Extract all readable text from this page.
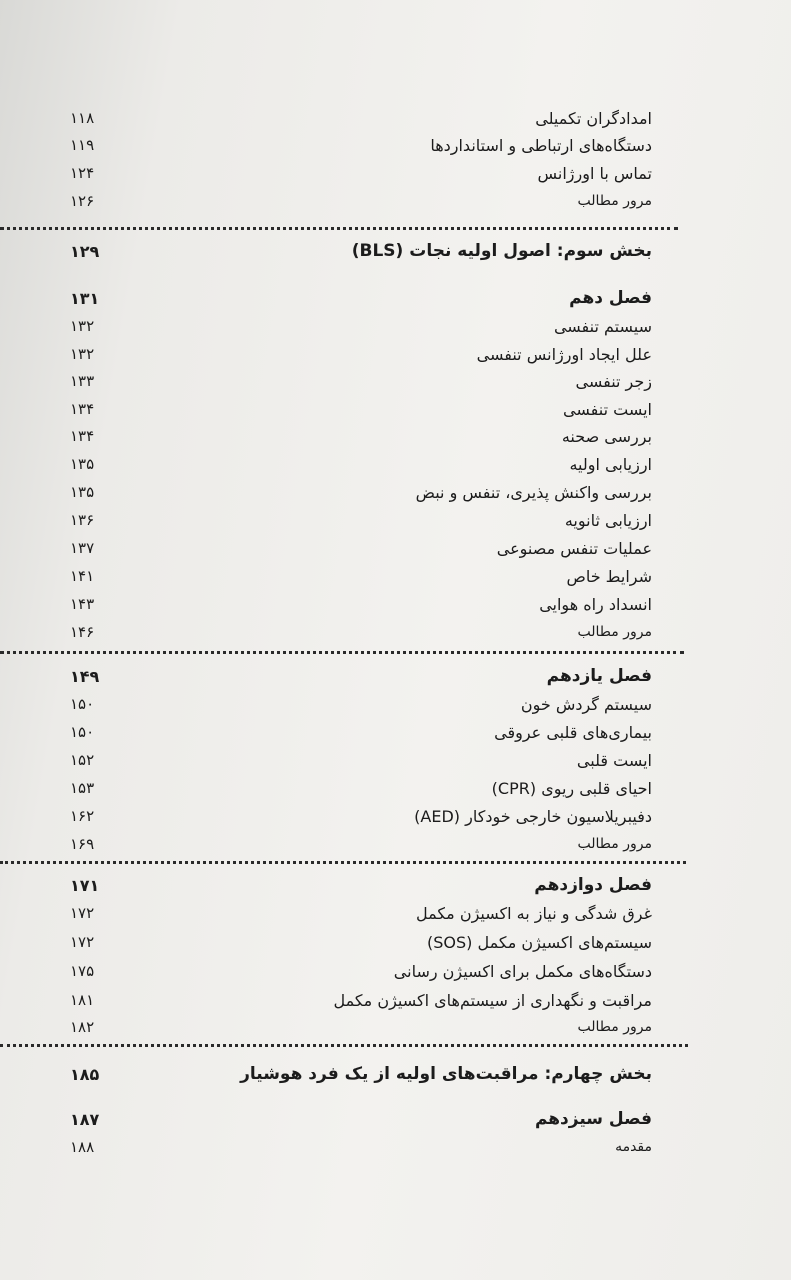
امدادگران تکمیلی
۱۱۸
دستگاه‌های ارتباطی و استانداردها
۱۱۹
تماس با اورژانس
۱۲۴
مرور مطالب
۱۲۶
بخش سوم: اصول اولیه نجات (BLS)
۱۲۹
فصل دهم
۱۳۱
سیستم تنفسی
۱۳۲
علل ایجاد اورژانس تنفسی
۱۳۲
زجر تنفسی
۱۳۳
ایست تنفسی
۱۳۴
بررسی صحنه
۱۳۴
ارزیابی اولیه
۱۳۵
بررسی واکنش پذیری، تنفس و نبض
۱۳۵
ارزیابی ثانویه
۱۳۶
عملیات تنفس مصنوعی
۱۳۷
شرایط خاص
۱۴۱
انسداد راه هوایی
۱۴۳
مرور مطالب
۱۴۶
فصل یازدهم
۱۴۹
سیستم گردش خون
۱۵۰
بیماری‌های قلبی عروقی
۱۵۰
ایست قلبی
۱۵۲
احیای قلبی ریوی (CPR)
۱۵۳
دفیبریلاسیون خارجی خودکار (AED)
۱۶۲
مرور مطالب
۱۶۹
فصل دوازدهم
۱۷۱
غرق شدگی و نیاز به اکسیژن مکمل
۱۷۲
سیستم‌های اکسیژن مکمل (SOS)
۱۷۲
دستگاه‌های مکمل برای اکسیژن رسانی
۱۷۵
مراقبت و نگهداری از سیستم‌های اکسیژن مکمل
۱۸۱
مرور مطالب
۱۸۲
بخش چهارم: مراقبت‌های اولیه از یک فرد هوشیار
۱۸۵
فصل سیزدهم
۱۸۷
مقدمه
۱۸۸
